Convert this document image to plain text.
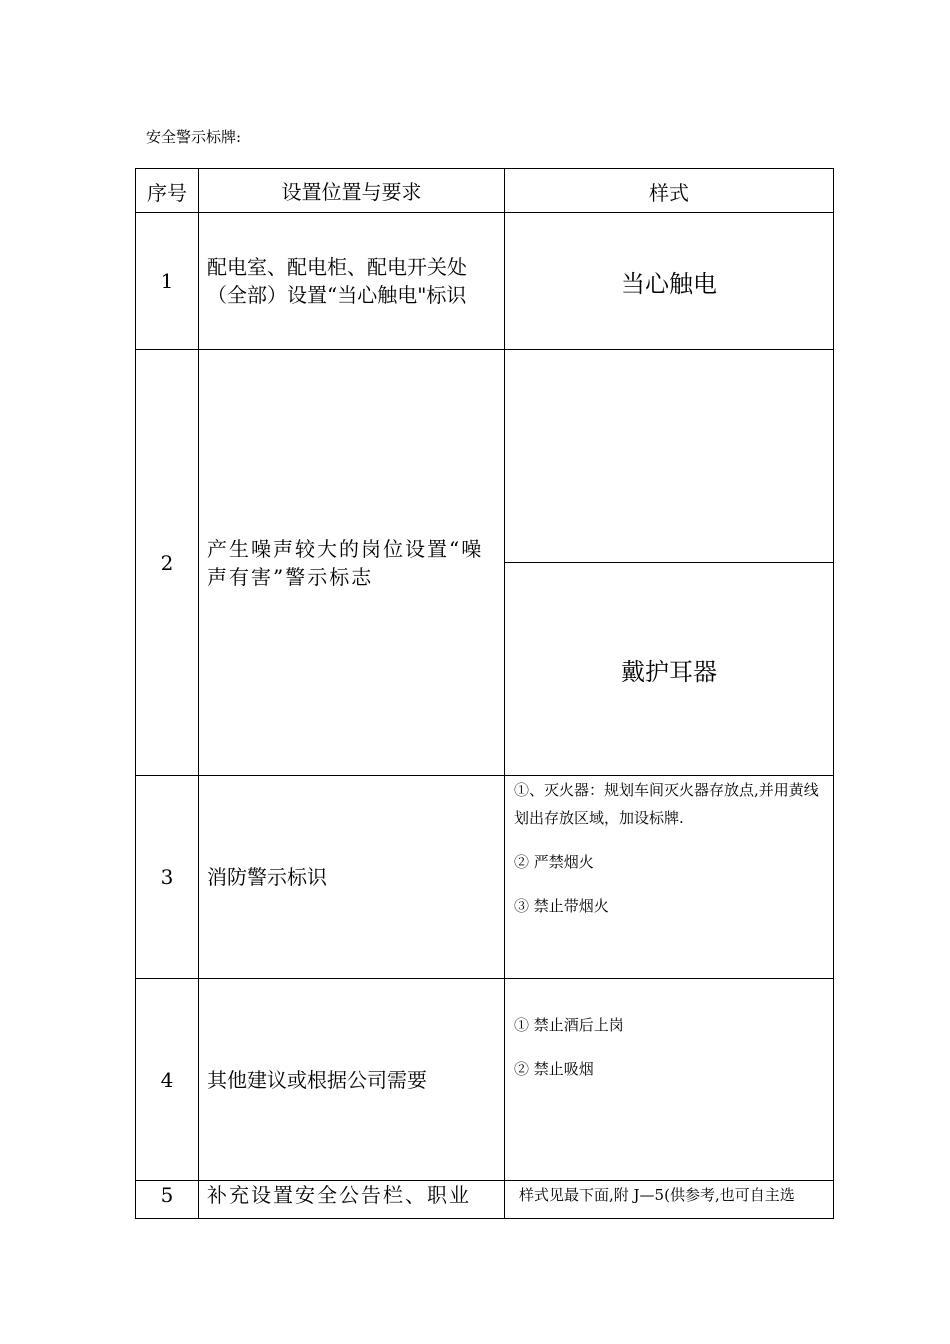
安全警示标牌:
序号	设置位置与要求	样式
1	配电室、配电柜、配电开关处（全部）设置“当心触电"标识	当心触电
2	产生噪声较大的岗位设置“噪声有害”警示标志	
		戴护耳器
3	消防警示标识	①、灭火器：规划车间灭火器存放点,并用黄线划出存放区域，加设标牌.

② 严禁烟火

③ 禁止带烟火

4	其他建议或根据公司需要	① 禁止酒后上岗

② 禁止吸烟

5	补充设置安全公告栏、职业	样式见最下面,附 J—5(供参考,也可自主选
